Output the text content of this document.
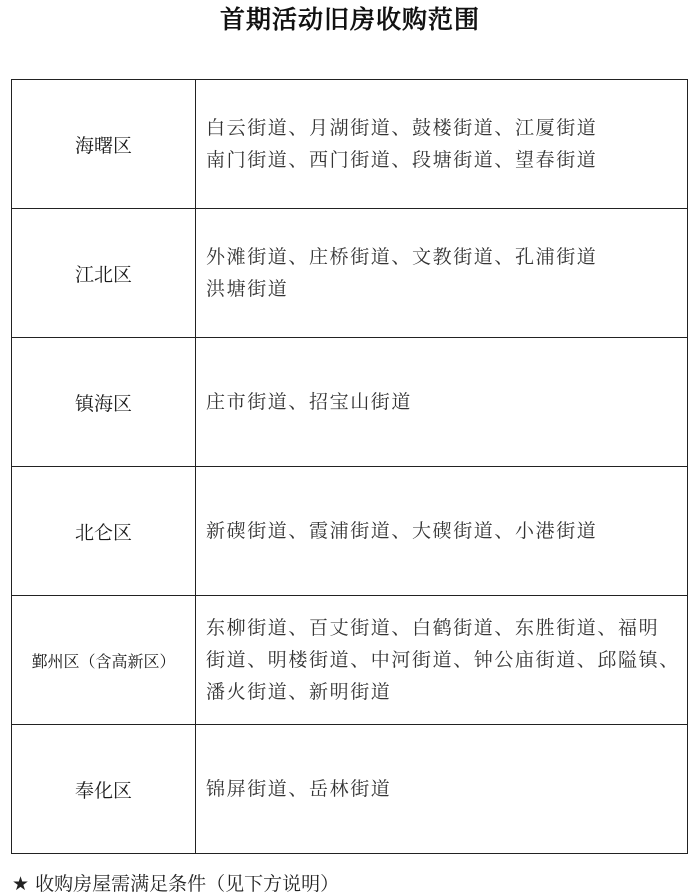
首期活动旧房收购范围
海曙区	白云街道、月湖街道、鼓楼街道、江厦街道
南门街道、西门街道、段塘街道、望春街道

江北区	外滩街道、庄桥街道、文教街道、孔浦街道
洪塘街道

镇海区	庄市街道、招宝山街道

北仑区	新碶街道、霞浦街道、大碶街道、小港街道

鄞州区（含高新区）	东柳街道、百丈街道、白鹤街道、东胜街道、福明
街道、明楼街道、中河街道、钟公庙街道、邱隘镇、
潘火街道、新明街道

奉化区	锦屏街道、岳林街道
★ 收购房屋需满足条件（见下方说明）
